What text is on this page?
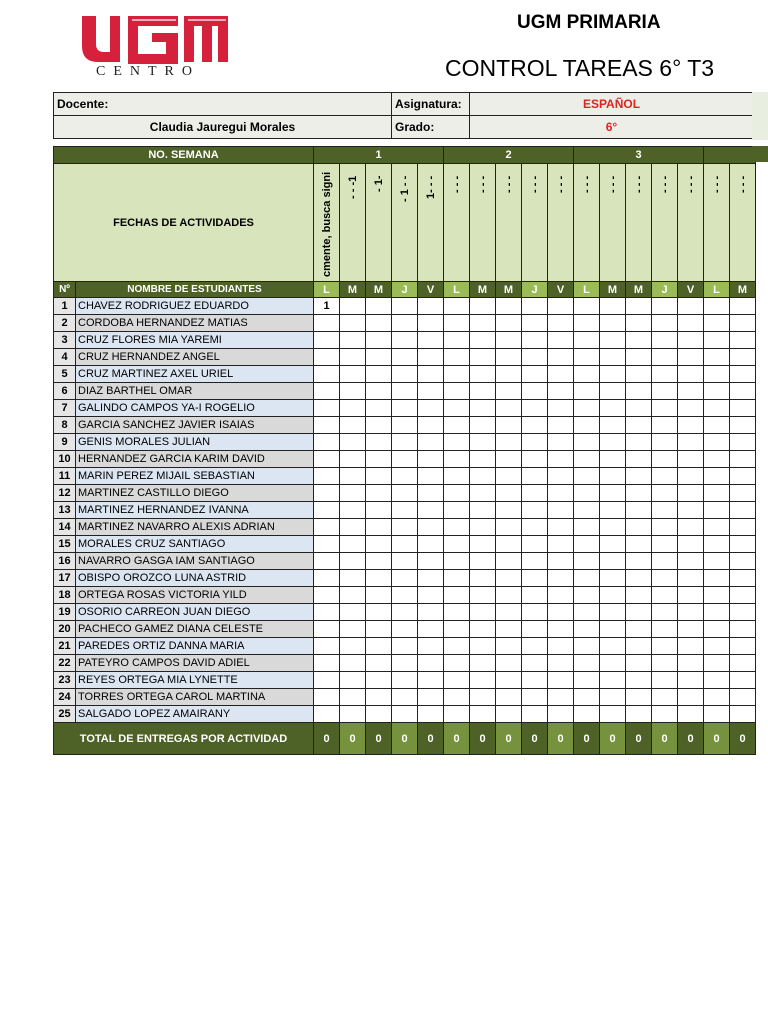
CENTRO
UGM PRIMARIA
CONTROL TAREAS 6° T3
Docente:	Asignatura:	ESPAÑOL
Claudia Jauregui Morales	Grado:	6°
NO. SEMANA		1					2					3						
FECHAS DE ACTIVIDADES		cmente, busca signi	- - -1	- 1-	- 1 - -	1- - -	- - -	- - -	- - -	- - -	- - -	- - -	- - -	- - -	- - -	- - -	- - -	- - -
Nº	NOMBRE DE ESTUDIANTES	L	M	M	J	V	L	M	M	J	V	L	M	M	J	V	L	M
1	CHAVEZ RODRIGUEZ EDUARDO	1																
2	CORDOBA HERNANDEZ MATIAS																	
3	CRUZ FLORES MIA YAREMI																	
4	CRUZ HERNANDEZ ANGEL																	
5	CRUZ MARTINEZ AXEL URIEL																	
6	DIAZ BARTHEL OMAR																	
7	GALINDO CAMPOS YA-I ROGELIO																	
8	GARCIA SANCHEZ JAVIER ISAIAS																	
9	GENIS MORALES JULIAN																	
10	HERNANDEZ GARCIA KARIM DAVID																	
11	MARIN PEREZ MIJAIL SEBASTIAN																	
12	MARTINEZ CASTILLO DIEGO																	
13	MARTINEZ HERNANDEZ IVANNA																	
14	MARTINEZ NAVARRO ALEXIS ADRIAN																	
15	MORALES CRUZ SANTIAGO																	
16	NAVARRO GASGA IAM SANTIAGO																	
17	OBISPO OROZCO LUNA ASTRID																	
18	ORTEGA ROSAS VICTORIA YILD																	
19	OSORIO CARREON JUAN DIEGO																	
20	PACHECO GAMEZ DIANA CELESTE																	
21	PAREDES ORTIZ DANNA MARIA																	
22	PATEYRO CAMPOS DAVID ADIEL																	
23	REYES ORTEGA MIA LYNETTE																	
24	TORRES ORTEGA CAROL MARTINA																	
25	SALGADO LOPEZ AMAIRANY																	
TOTAL DE ENTREGAS POR ACTIVIDAD		0	0	0	0	0	0	0	0	0	0	0	0	0	0	0	0	0
